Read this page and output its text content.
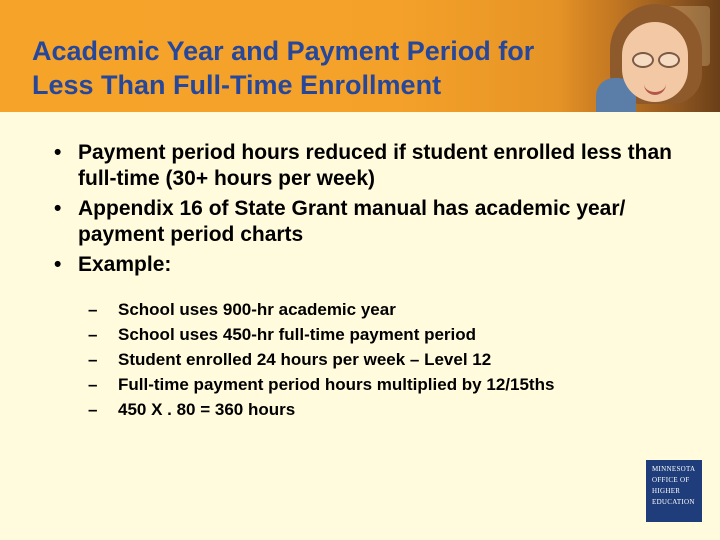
Academic Year and Payment Period for
Less Than Full-Time Enrollment
• Payment period hours reduced if student enrolled less than full-time (30+ hours per week)
• Appendix 16 of State Grant manual has academic year/ payment period charts
• Example:
– School uses 900-hr academic year
– School uses 450-hr full-time payment period
– Student enrolled 24 hours per week – Level 12
– Full-time payment period hours multiplied by 12/15ths
– 450 X . 80 = 360 hours
MINNESOTA
OFFICE OF
HIGHER
EDUCATION
